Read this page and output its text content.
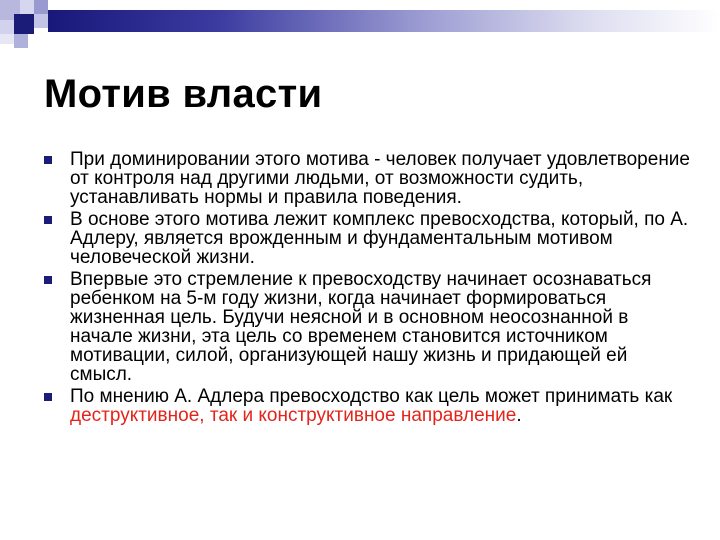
Мотив власти
При доминировании этого мотива - человек получает удовлетворение от контроля над другими людьми, от возможности судить, устанавливать нормы и правила поведения.
В основе этого мотива лежит комплекс превосходства, который, по А. Адлеру, является врожденным и фундаментальным мотивом человеческой жизни.
Впервые это стремление к превосходству начинает осознаваться ребенком на 5-м году жизни, когда начинает формироваться жизненная цель. Будучи неясной и в основном неосознанной в начале жизни, эта цель со временем становится источником мотивации, силой, организующей нашу жизнь и придающей ей смысл.
По мнению А. Адлера превосходство как цель может принимать как деструктивное, так и конструктивное направление.
